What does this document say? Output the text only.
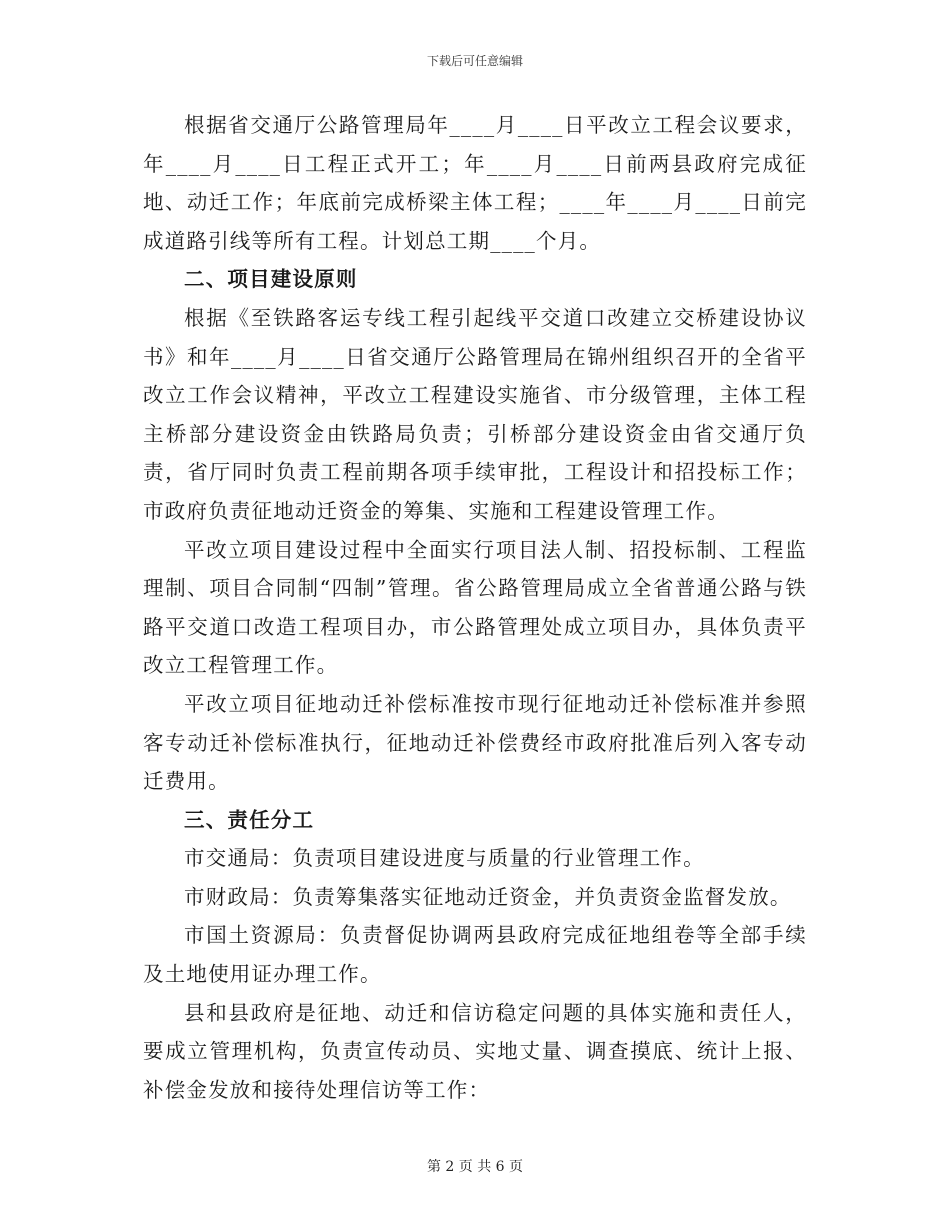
下载后可任意编辑

根据省交通厅公路管理局年____月____日平改立工程会议要求，年____月____日工程正式开工；年____月____日前两县政府完成征地、动迁工作；年底前完成桥梁主体工程；____年____月____日前完成道路引线等所有工程。计划总工期____个月。

二、项目建设原则

根据《至铁路客运专线工程引起线平交道口改建立交桥建设协议书》和年____月____日省交通厅公路管理局在锦州组织召开的全省平改立工作会议精神，平改立工程建设实施省、市分级管理，主体工程主桥部分建设资金由铁路局负责；引桥部分建设资金由省交通厅负责，省厅同时负责工程前期各项手续审批，工程设计和招投标工作；市政府负责征地动迁资金的筹集、实施和工程建设管理工作。

平改立项目建设过程中全面实行项目法人制、招投标制、工程监理制、项目合同制“四制”管理。省公路管理局成立全省普通公路与铁路平交道口改造工程项目办，市公路管理处成立项目办，具体负责平改立工程管理工作。

平改立项目征地动迁补偿标准按市现行征地动迁补偿标准并参照客专动迁补偿标准执行，征地动迁补偿费经市政府批准后列入客专动迁费用。

三、责任分工

市交通局：负责项目建设进度与质量的行业管理工作。

市财政局：负责筹集落实征地动迁资金，并负责资金监督发放。

市国土资源局：负责督促协调两县政府完成征地组卷等全部手续及土地使用证办理工作。

县和县政府是征地、动迁和信访稳定问题的具体实施和责任人，要成立管理机构，负责宣传动员、实地丈量、调查摸底、统计上报、补偿金发放和接待处理信访等工作：

第 2 页 共 6 页
